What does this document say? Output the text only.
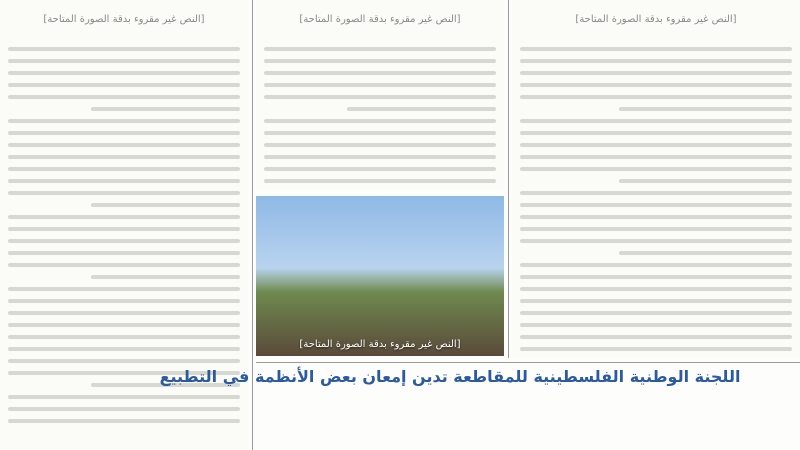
[النص غير مقروء بدقة الصورة المتاحة]
[النص غير مقروء بدقة الصورة المتاحة]
[النص غير مقروء بدقة الصورة المتاحة]
[النص غير مقروء بدقة الصورة المتاحة]
اللجنة الوطنية الفلسطينية للمقاطعة تدين إمعان بعض الأنظمة في التطبيع
